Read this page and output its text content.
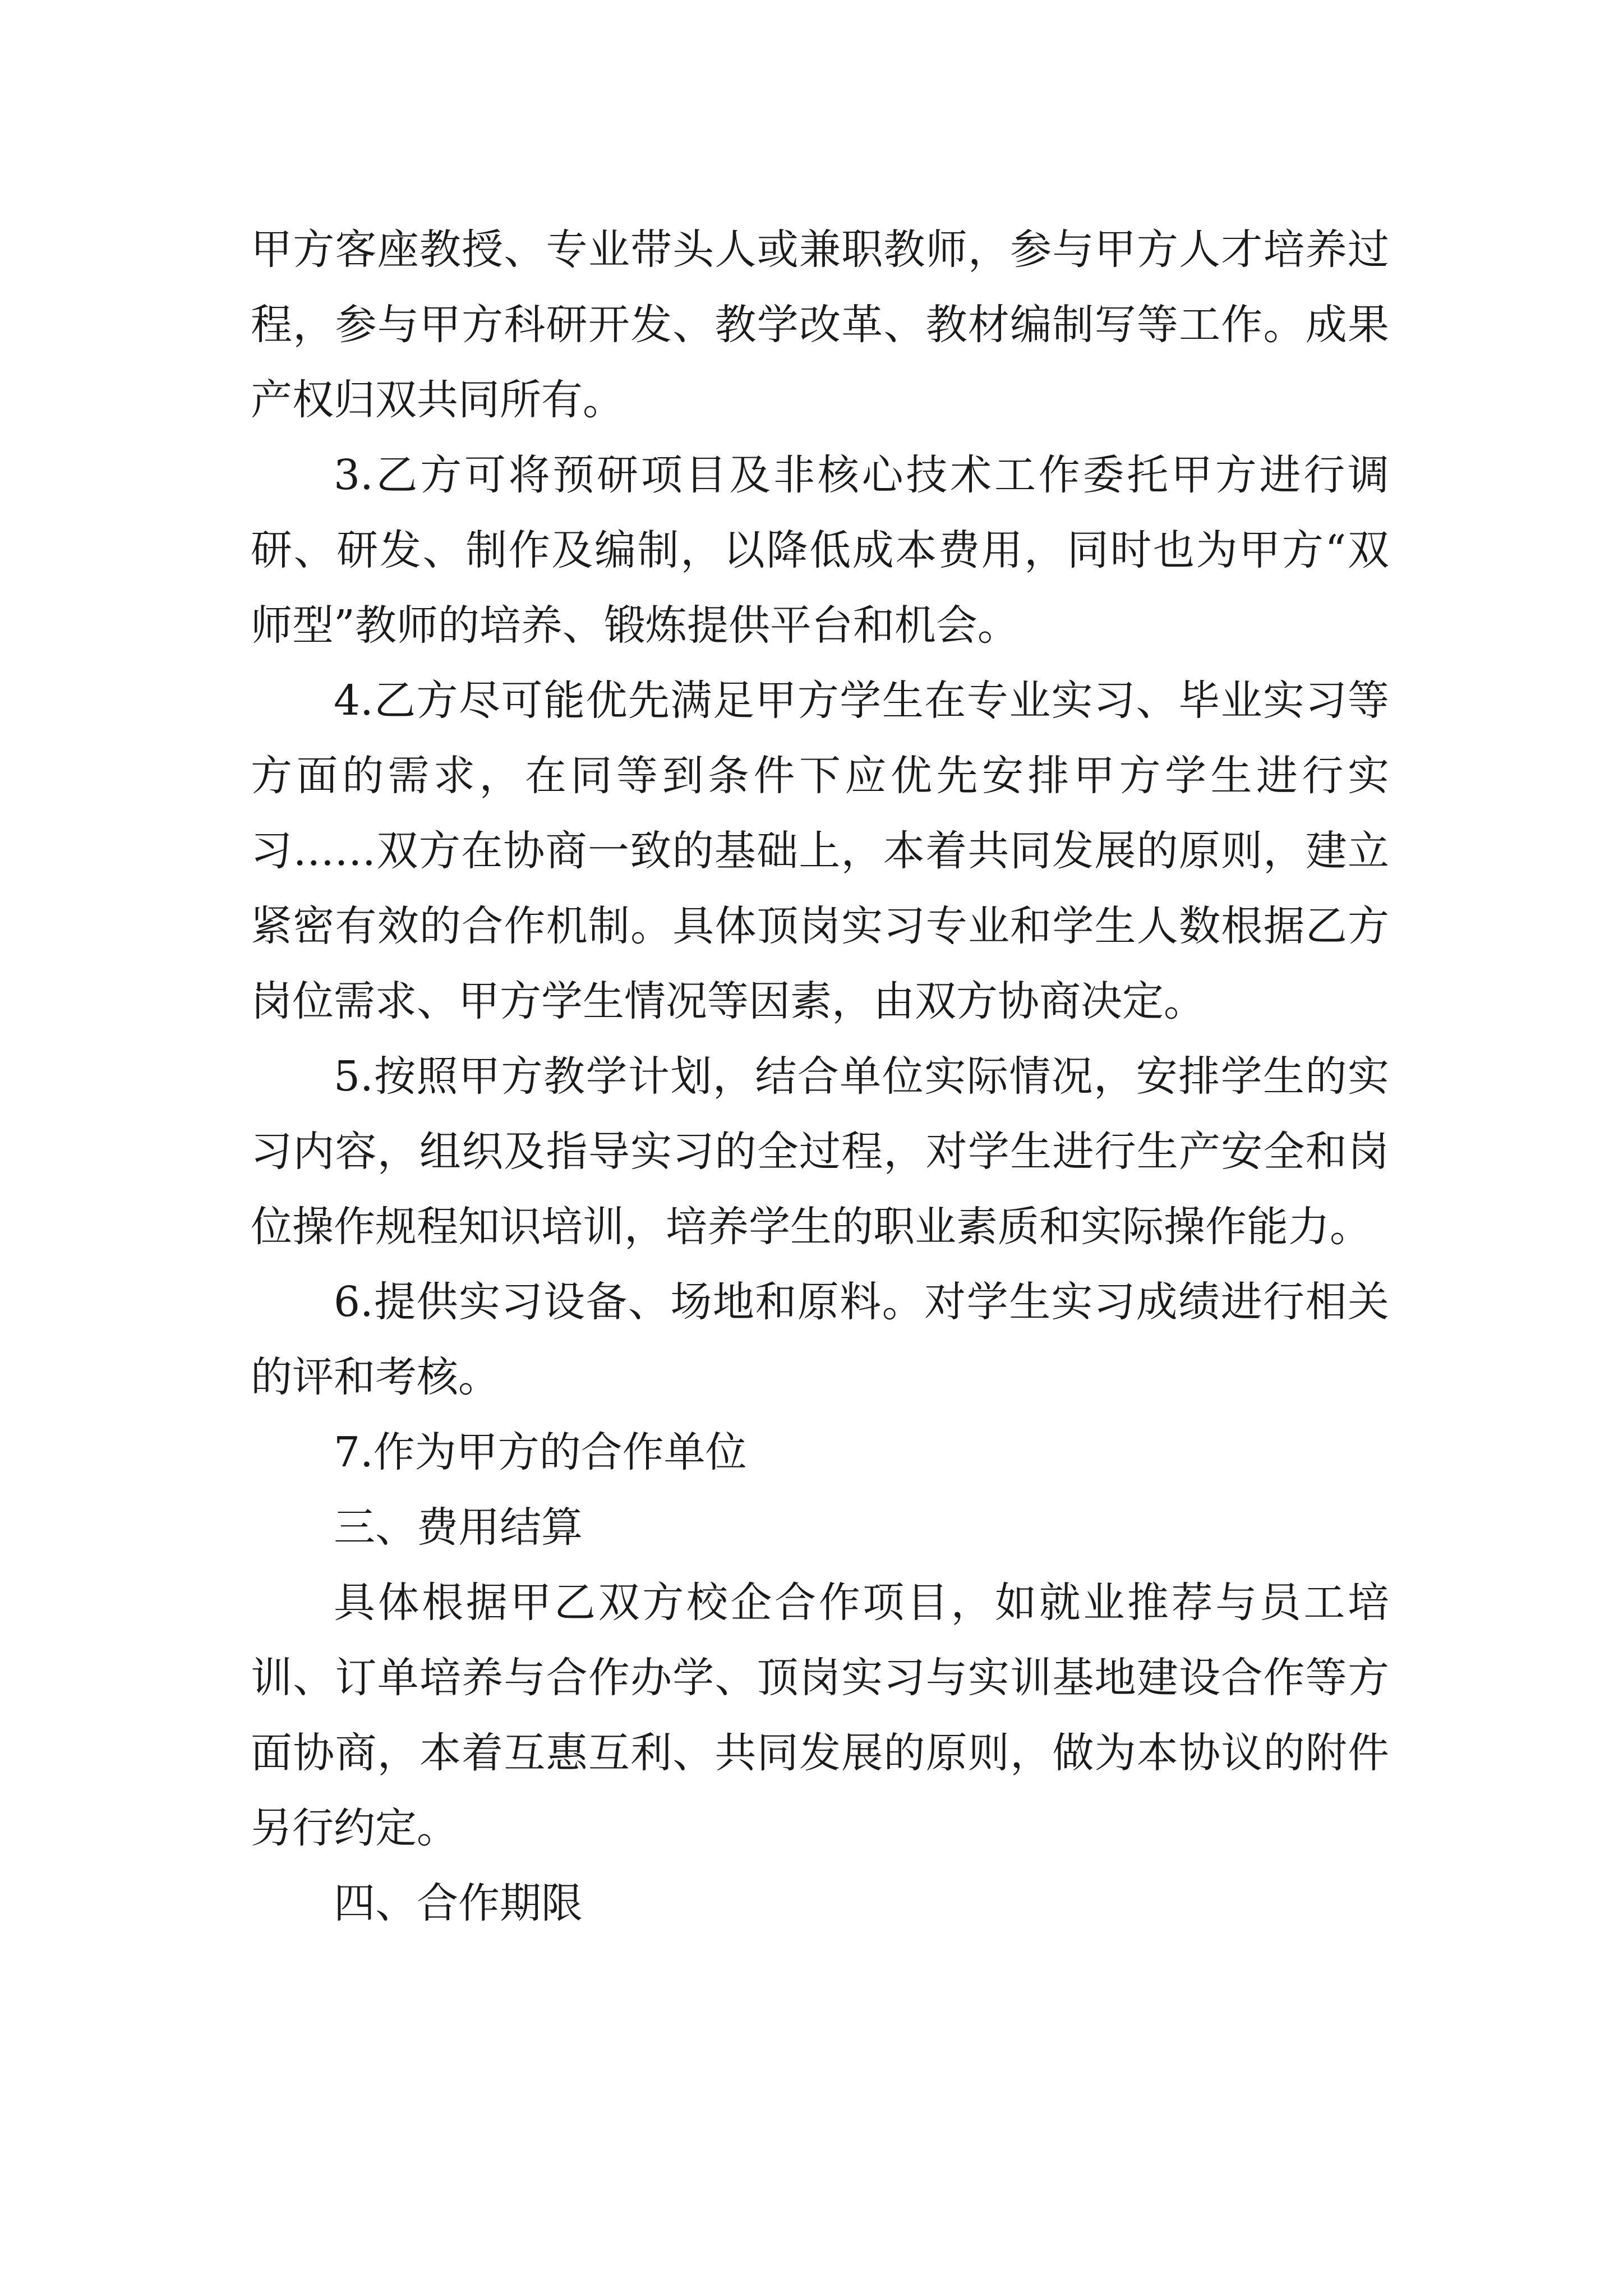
甲方客座教授、专业带头人或兼职教师，参与甲方人才培养过程，参与甲方科研开发、教学改革、教材编制写等工作。成果产权归双共同所有。

3.乙方可将预研项目及非核心技术工作委托甲方进行调研、研发、制作及编制，以降低成本费用，同时也为甲方“双师型”教师的培养、锻炼提供平台和机会。

4.乙方尽可能优先满足甲方学生在专业实习、毕业实习等方面的需求，在同等到条件下应优先安排甲方学生进行实习……双方在协商一致的基础上，本着共同发展的原则，建立紧密有效的合作机制。具体顶岗实习专业和学生人数根据乙方岗位需求、甲方学生情况等因素，由双方协商决定。

5.按照甲方教学计划，结合单位实际情况，安排学生的实习内容，组织及指导实习的全过程，对学生进行生产安全和岗位操作规程知识培训，培养学生的职业素质和实际操作能力。

6.提供实习设备、场地和原料。对学生实习成绩进行相关的评和考核。

7.作为甲方的合作单位

三、费用结算

具体根据甲乙双方校企合作项目，如就业推荐与员工培训、订单培养与合作办学、顶岗实习与实训基地建设合作等方面协商，本着互惠互利、共同发展的原则，做为本协议的附件另行约定。

四、合作期限
